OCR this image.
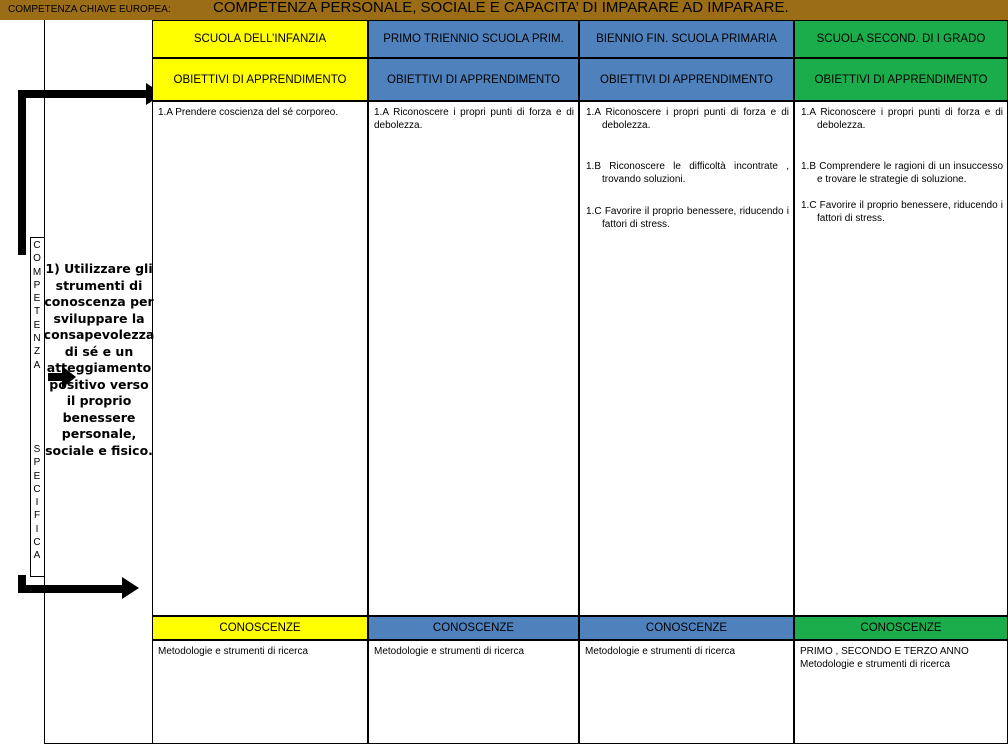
COMPETENZA CHIAVE EUROPEA:	COMPETENZA PERSONALE, SOCIALE E CAPACITA’ DI IMPARARE AD IMPARARE.
C
O
M
P
E
T
E
N
Z
A
S
P
E
C
I
F
I
C
A
1) Utilizzare gli strumenti di conoscenza per sviluppare la consapevolezza di sé e un atteggiamento positivo verso il proprio benessere personale, sociale e fisico.
SCUOLA DELL’INFANZIA
OBIETTIVI DI APPRENDIMENTO
1.A Prendere coscienza del sé corporeo.
CONOSCENZE
Metodologie e strumenti di ricerca
PRIMO TRIENNIO SCUOLA PRIM.
OBIETTIVI DI APPRENDIMENTO
1.A Riconoscere i propri punti di forza e di debolezza.
CONOSCENZE
Metodologie e strumenti di ricerca
BIENNIO FIN. SCUOLA PRIMARIA
OBIETTIVI DI APPRENDIMENTO
1.A Riconoscere i propri punti di forza e di debolezza.
1.B Riconoscere le difficoltà incontrate , trovando soluzioni.
1.C Favorire il proprio benessere, riducendo i fattori di stress.
CONOSCENZE
Metodologie e strumenti di ricerca
SCUOLA SECOND. DI I GRADO
OBIETTIVI DI APPRENDIMENTO
1.A Riconoscere i propri punti di forza e di debolezza.
1.B Comprendere le ragioni di un insuccesso e trovare le strategie di soluzione.
1.C Favorire il proprio benessere, riducendo i fattori di stress.
CONOSCENZE
PRIMO , SECONDO E TERZO ANNO
Metodologie e strumenti di ricerca
